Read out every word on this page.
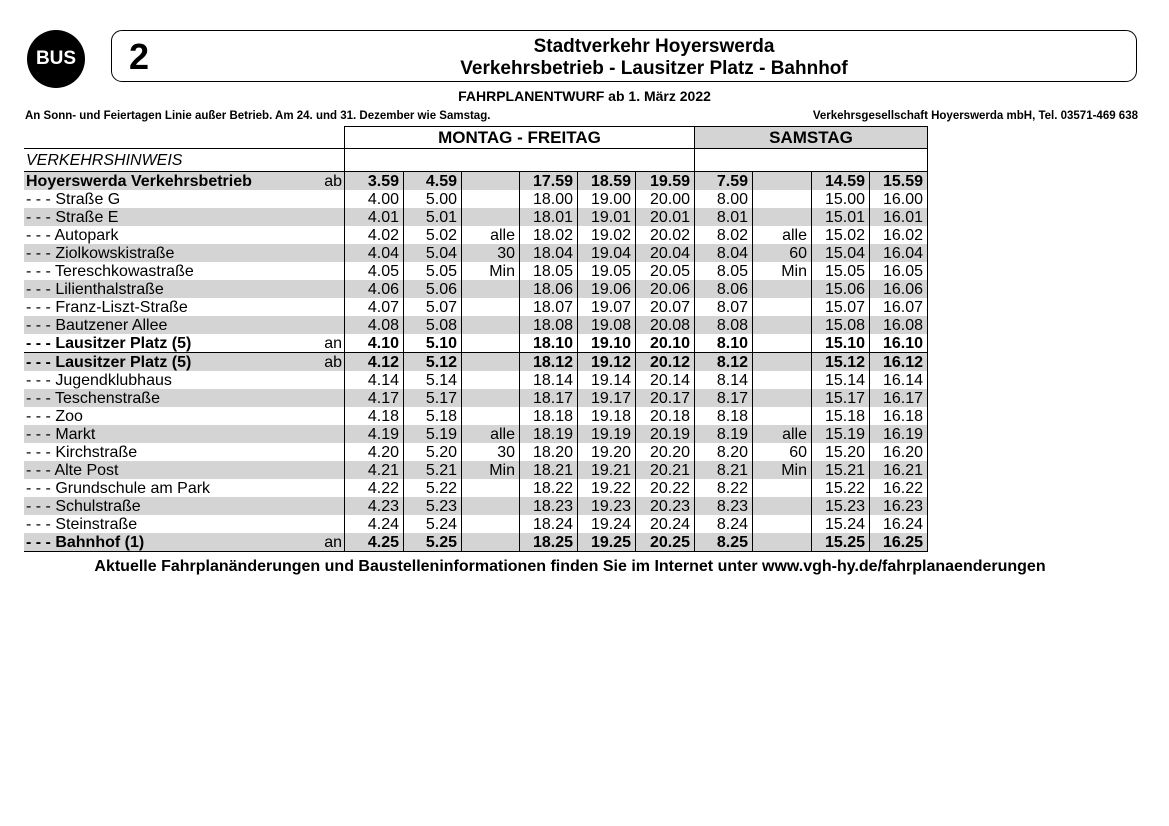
BUS 2	Stadtverkehr Hoyerswerda
Verkehrsbetrieb - Lausitzer Platz - Bahnhof
FAHRPLANENTWURF ab 1. März 2022
An Sonn- und Feiertagen Linie außer Betrieb. Am 24. und 31. Dezember wie Samstag.	Verkehrsgesellschaft Hoyerswerda mbH, Tel. 03571-469 638
		MONTAG - FREITAG						SAMSTAG			
VERKEHRSHINWEIS											
Hoyerswerda Verkehrsbetrieb	ab	3.59	4.59		17.59	18.59	19.59	7.59		14.59	15.59
- - - Straße G		4.00	5.00		18.00	19.00	20.00	8.00		15.00	16.00
- - - Straße E		4.01	5.01		18.01	19.01	20.01	8.01		15.01	16.01
- - - Autopark		4.02	5.02	alle	18.02	19.02	20.02	8.02	alle	15.02	16.02
- - - Ziolkowskistraße		4.04	5.04	30	18.04	19.04	20.04	8.04	60	15.04	16.04
- - - Tereschkowastraße		4.05	5.05	Min	18.05	19.05	20.05	8.05	Min	15.05	16.05
- - - Lilienthalstraße		4.06	5.06		18.06	19.06	20.06	8.06		15.06	16.06
- - - Franz-Liszt-Straße		4.07	5.07		18.07	19.07	20.07	8.07		15.07	16.07
- - - Bautzener Allee		4.08	5.08		18.08	19.08	20.08	8.08		15.08	16.08
- - - Lausitzer Platz (5)	an	4.10	5.10		18.10	19.10	20.10	8.10		15.10	16.10
- - - Lausitzer Platz (5)	ab	4.12	5.12		18.12	19.12	20.12	8.12		15.12	16.12
- - - Jugendklubhaus		4.14	5.14		18.14	19.14	20.14	8.14		15.14	16.14
- - - Teschenstraße		4.17	5.17		18.17	19.17	20.17	8.17		15.17	16.17
- - - Zoo		4.18	5.18		18.18	19.18	20.18	8.18		15.18	16.18
- - - Markt		4.19	5.19	alle	18.19	19.19	20.19	8.19	alle	15.19	16.19
- - - Kirchstraße		4.20	5.20	30	18.20	19.20	20.20	8.20	60	15.20	16.20
- - - Alte Post		4.21	5.21	Min	18.21	19.21	20.21	8.21	Min	15.21	16.21
- - - Grundschule am Park		4.22	5.22		18.22	19.22	20.22	8.22		15.22	16.22
- - - Schulstraße		4.23	5.23		18.23	19.23	20.23	8.23		15.23	16.23
- - - Steinstraße		4.24	5.24		18.24	19.24	20.24	8.24		15.24	16.24
- - - Bahnhof (1)	an	4.25	5.25		18.25	19.25	20.25	8.25		15.25	16.25
Aktuelle Fahrplanänderungen und Baustelleninformationen finden Sie im Internet unter www.vgh-hy.de/fahrplanaenderungen
